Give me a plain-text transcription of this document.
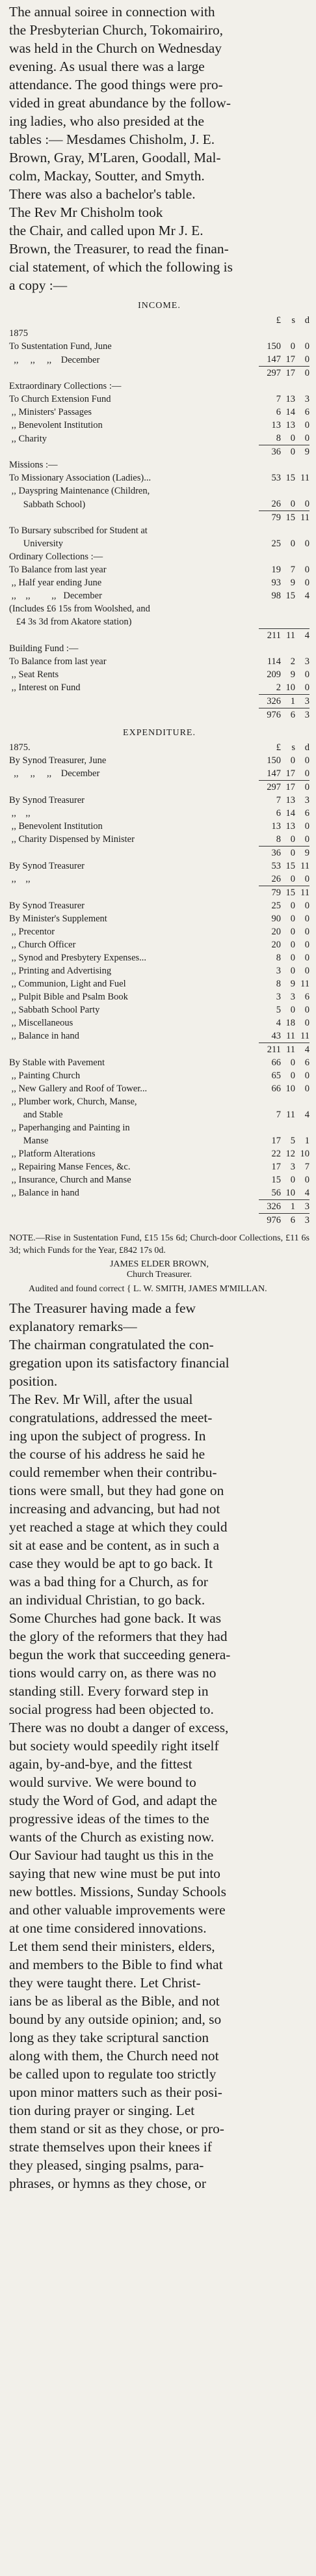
The annual soiree in connection with
the Presbyterian Church, Tokomairiro,
was held in the Church on Wednesday
evening. As usual there was a large
attendance. The good things were pro-
vided in great abundance by the follow-
ing ladies, who also presided at the
tables :— Mesdames Chisholm, J. E.
Brown, Gray, M'Laren, Goodall, Mal-
colm, Mackay, Soutter, and Smyth.
There was also a bachelor's table.
The Rev Mr Chisholm took
the Chair, and called upon Mr J. E.
Brown, the Treasurer, to read the finan-
cial statement, of which the following is
a copy :—
INCOME.
	£	s	d
1875			
To Sustentation Fund, June	150	0	0
,,     ,,     ,,    December	147	17	0
	297	17	0
Extraordinary Collections :—			
To Church Extension Fund	7	13	3
,, Ministers' Passages	6	14	6
,, Benevolent Institution	13	13	0
,, Charity	8	0	0
	36	0	9
Missions :—			
To Missionary Association (Ladies)...	53	15	11
,, Dayspring Maintenance (Children,			
Sabbath School)	26	0	0
	79	15	11
To Bursary subscribed for Student at			
University	25	0	0
Ordinary Collections :—			
To Balance from last year	19	7	0
,, Half year ending June	93	9	0
,,    ,,         ,,   December	98	15	4
(Includes £6 15s from Woolshed, and			
£4 3s 3d from Akatore station)			
	211	11	4
Building Fund :—			
To Balance from last year	114	2	3
,, Seat Rents	209	9	0
,, Interest on Fund	2	10	0
	326	1	3
	976	6	3
EXPENDITURE.
1875.	£	s	d
By Synod Treasurer, June	150	0	0
,,     ,,     ,,    December	147	17	0
	297	17	0
By Synod Treasurer	7	13	3
,,    ,,	6	14	6
,, Benevolent Institution	13	13	0
,, Charity Dispensed by Minister	8	0	0
	36	0	9
By Synod Treasurer	53	15	11
,,    ,,	26	0	0
	79	15	11
By Synod Treasurer	25	0	0
By Minister's Supplement	90	0	0
,, Precentor	20	0	0
,, Church Officer	20	0	0
,, Synod and Presbytery Expenses...	8	0	0
,, Printing and Advertising	3	0	0
,, Communion, Light and Fuel	8	9	11
,, Pulpit Bible and Psalm Book	3	3	6
,, Sabbath School Party	5	0	0
,, Miscellaneous	4	18	0
,, Balance in hand	43	11	11
	211	11	4
By Stable with Pavement	66	0	6
,, Painting Church	65	0	0
,, New Gallery and Roof of Tower...	66	10	0
,, Plumber work, Church, Manse,			
and Stable	7	11	4
,, Paperhanging and Painting in			
Manse	17	5	1
,, Platform Alterations	22	12	10
,, Repairing Manse Fences, &c.	17	3	7
,, Insurance, Church and Manse	15	0	0
,, Balance in hand	56	10	4
	326	1	3
	976	6	3
NOTE.—Rise in Sustentation Fund, £15 15s 6d; Church-door Collections, £11 6s 3d; which Funds for the Year, £842 17s 0d.
JAMES ELDER BROWN,
Church Treasurer.
Audited and found correct { L. W. SMITH, JAMES M'MILLAN.
The Treasurer having made a few
explanatory remarks—
The chairman congratulated the con-
gregation upon its satisfactory financial
position.
The Rev. Mr Will, after the usual
congratulations, addressed the meet-
ing upon the subject of progress. In
the course of his address he said he
could remember when their contribu-
tions were small, but they had gone on
increasing and advancing, but had not
yet reached a stage at which they could
sit at ease and be content, as in such a
case they would be apt to go back. It
was a bad thing for a Church, as for
an individual Christian, to go back.
Some Churches had gone back. It was
the glory of the reformers that they had
begun the work that succeeding genera-
tions would carry on, as there was no
standing still. Every forward step in
social progress had been objected to.
There was no doubt a danger of excess,
but society would speedily right itself
again, by-and-bye, and the fittest
would survive. We were bound to
study the Word of God, and adapt the
progressive ideas of the times to the
wants of the Church as existing now.
Our Saviour had taught us this in the
saying that new wine must be put into
new bottles. Missions, Sunday Schools
and other valuable improvements were
at one time considered innovations.
Let them send their ministers, elders,
and members to the Bible to find what
they were taught there. Let Christ-
ians be as liberal as the Bible, and not
bound by any outside opinion; and, so
long as they take scriptural sanction
along with them, the Church need not
be called upon to regulate too strictly
upon minor matters such as their posi-
tion during prayer or singing. Let
them stand or sit as they chose, or pro-
strate themselves upon their knees if
they pleased, singing psalms, para-
phrases, or hymns as they chose, or
